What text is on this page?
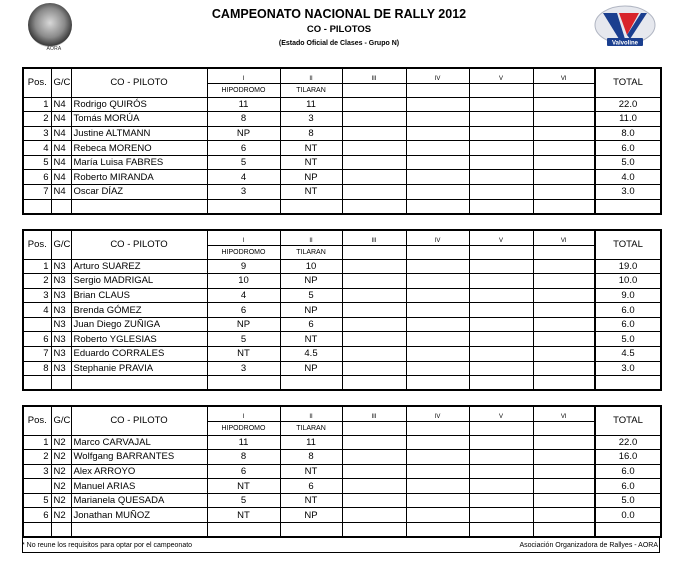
AORA
CAMPEONATO NACIONAL DE RALLY 2012
CO - PILOTOS
(Estado Oficial de Clases - Grupo N)	Valvoline
Pos.	G/C	CO - PILOTO	I	II	III	IV	V	VI	TOTAL
			HIPODROMO	TILARAN					
1	N4	Rodrigo QUIRÓS	11	11					22.0
2	N4	Tomás MORÚA	8	3					11.0
3	N4	Justine ALTMANN	NP	8					8.0
4	N4	Rebeca MORENO	6	NT					6.0
5	N4	María Luisa FABRES	5	NT					5.0
6	N4	Roberto MIRANDA	4	NP					4.0
7	N4	Oscar DÍAZ	3	NT					3.0

Pos.	G/C	CO - PILOTO	I	II	III	IV	V	VI	TOTAL
			HIPODROMO	TILARAN					
1	N3	Arturo SUAREZ	9	10					19.0
2	N3	Sergio MADRIGAL	10	NP					10.0
3	N3	Brian CLAUS	4	5					9.0
4	N3	Brenda GÓMEZ	6	NP					6.0
	N3	Juan Diego ZUÑIGA	NP	6					6.0
6	N3	Roberto YGLESIAS	5	NT					5.0
7	N3	Eduardo CORRALES	NT	4.5					4.5
8	N3	Stephanie PRAVIA	3	NP					3.0

Pos.	G/C	CO - PILOTO	I	II	III	IV	V	VI	TOTAL
			HIPODROMO	TILARAN					
1	N2	Marco CARVAJAL	11	11					22.0
2	N2	Wolfgang BARRANTES	8	8					16.0
3	N2	Alex ARROYO	6	NT					6.0
	N2	Manuel ARIAS	NT	6					6.0
5	N2	Marianela QUESADA	5	NT					5.0
6	N2	Jonathan MUÑOZ	NT	NP					0.0

* No reune los requisitos para optar por el campeonato	Asociación Organizadora de Rallyes - AORA
